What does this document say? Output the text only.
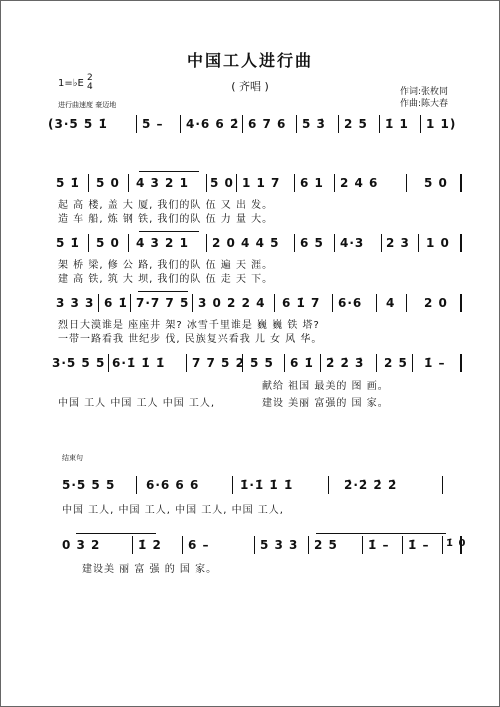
中国工人进行曲
( 齐唱 )
1=♭E 2
4
进行曲速度 豪迈地
作词:张枚同
作曲:陈大春
(3·5 5 1̇	5 – 4·6 6 2̇ 6 7 6 5 3̇ 2 5 1̇ 1 1 1)
5 1̇ 5 0 4 3 2 1 5 0 1 1 7 6 1 2 4 6	5 0
起 高 楼, 盖 大 厦, 我们的队 伍 又 出 发。
造 车 船, 炼 钢 铁, 我们的队 伍 力 量 大。
5 1̇ 5 0 4 3 2 1 2 0 4 4 5 6 5 4·3 2 3 1 0
架 桥 梁, 修 公 路, 我们的队 伍 遍 天 涯。
建 高 铁, 筑 大 坝, 我们的队 伍 走 天 下。
3 3 3 6 1̇ 7·7 7 5 3 0 2 2 4 6 1̇ 7 6·6 4 2 0
烈日大漠谁是 座座井 架? 冰雪千里谁是 巍 巍 铁 塔?
一带一路看我 世纪步 伐, 民族复兴看我 儿 女 风 华。
3·5 5 5 6·1̇ 1̇ 1̇ 7 7 5 2 5 5 6 1̇ 2̇ 2̇ 3̇ 2 5 1̇ –
中国 工人 中国 工人 中国 工人,
献给 祖国 最美的 图 画。
建设 美丽 富强的 国 家。
结束句
5·5 5 5	6·6 6 6	1̇·1̇ 1̇ 1̇	2̇·2̇ 2̇ 2̇
中国 工人, 中国 工人, 中国 工人, 中国 工人,
0 3 2	1̇ 2 6 –	5 3 3 2 5	1̇ – 1̇ – 1̇ 0
建设美 丽 富 强 的 国 家。
